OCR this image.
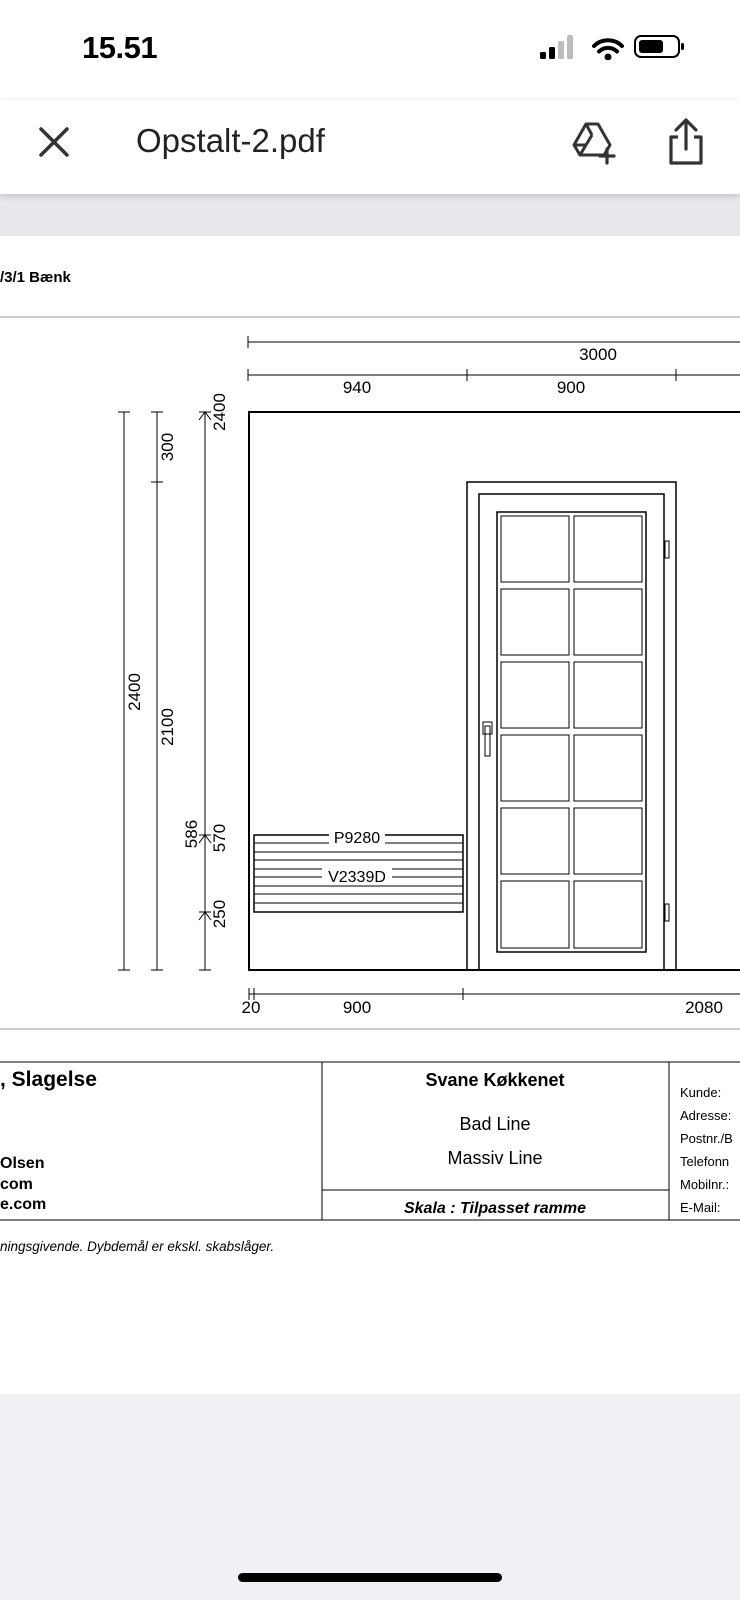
15.51
Opstalt-2.pdf
/3/1 Bænk
3000
940	900
2400
300
2100
2400
586 570
250
P9280
V2339D
20	900	2080
, Slagelse
Olsen
com
e.com
Svane Køkkenet
Bad Line
Massiv Line
Skala : Tilpasset ramme
Kunde:
Adresse:
Postnr./B
Telefonn
Mobilnr.:
E-Mail:
ningsgivende. Dybdemål er ekskl. skabslåger.
